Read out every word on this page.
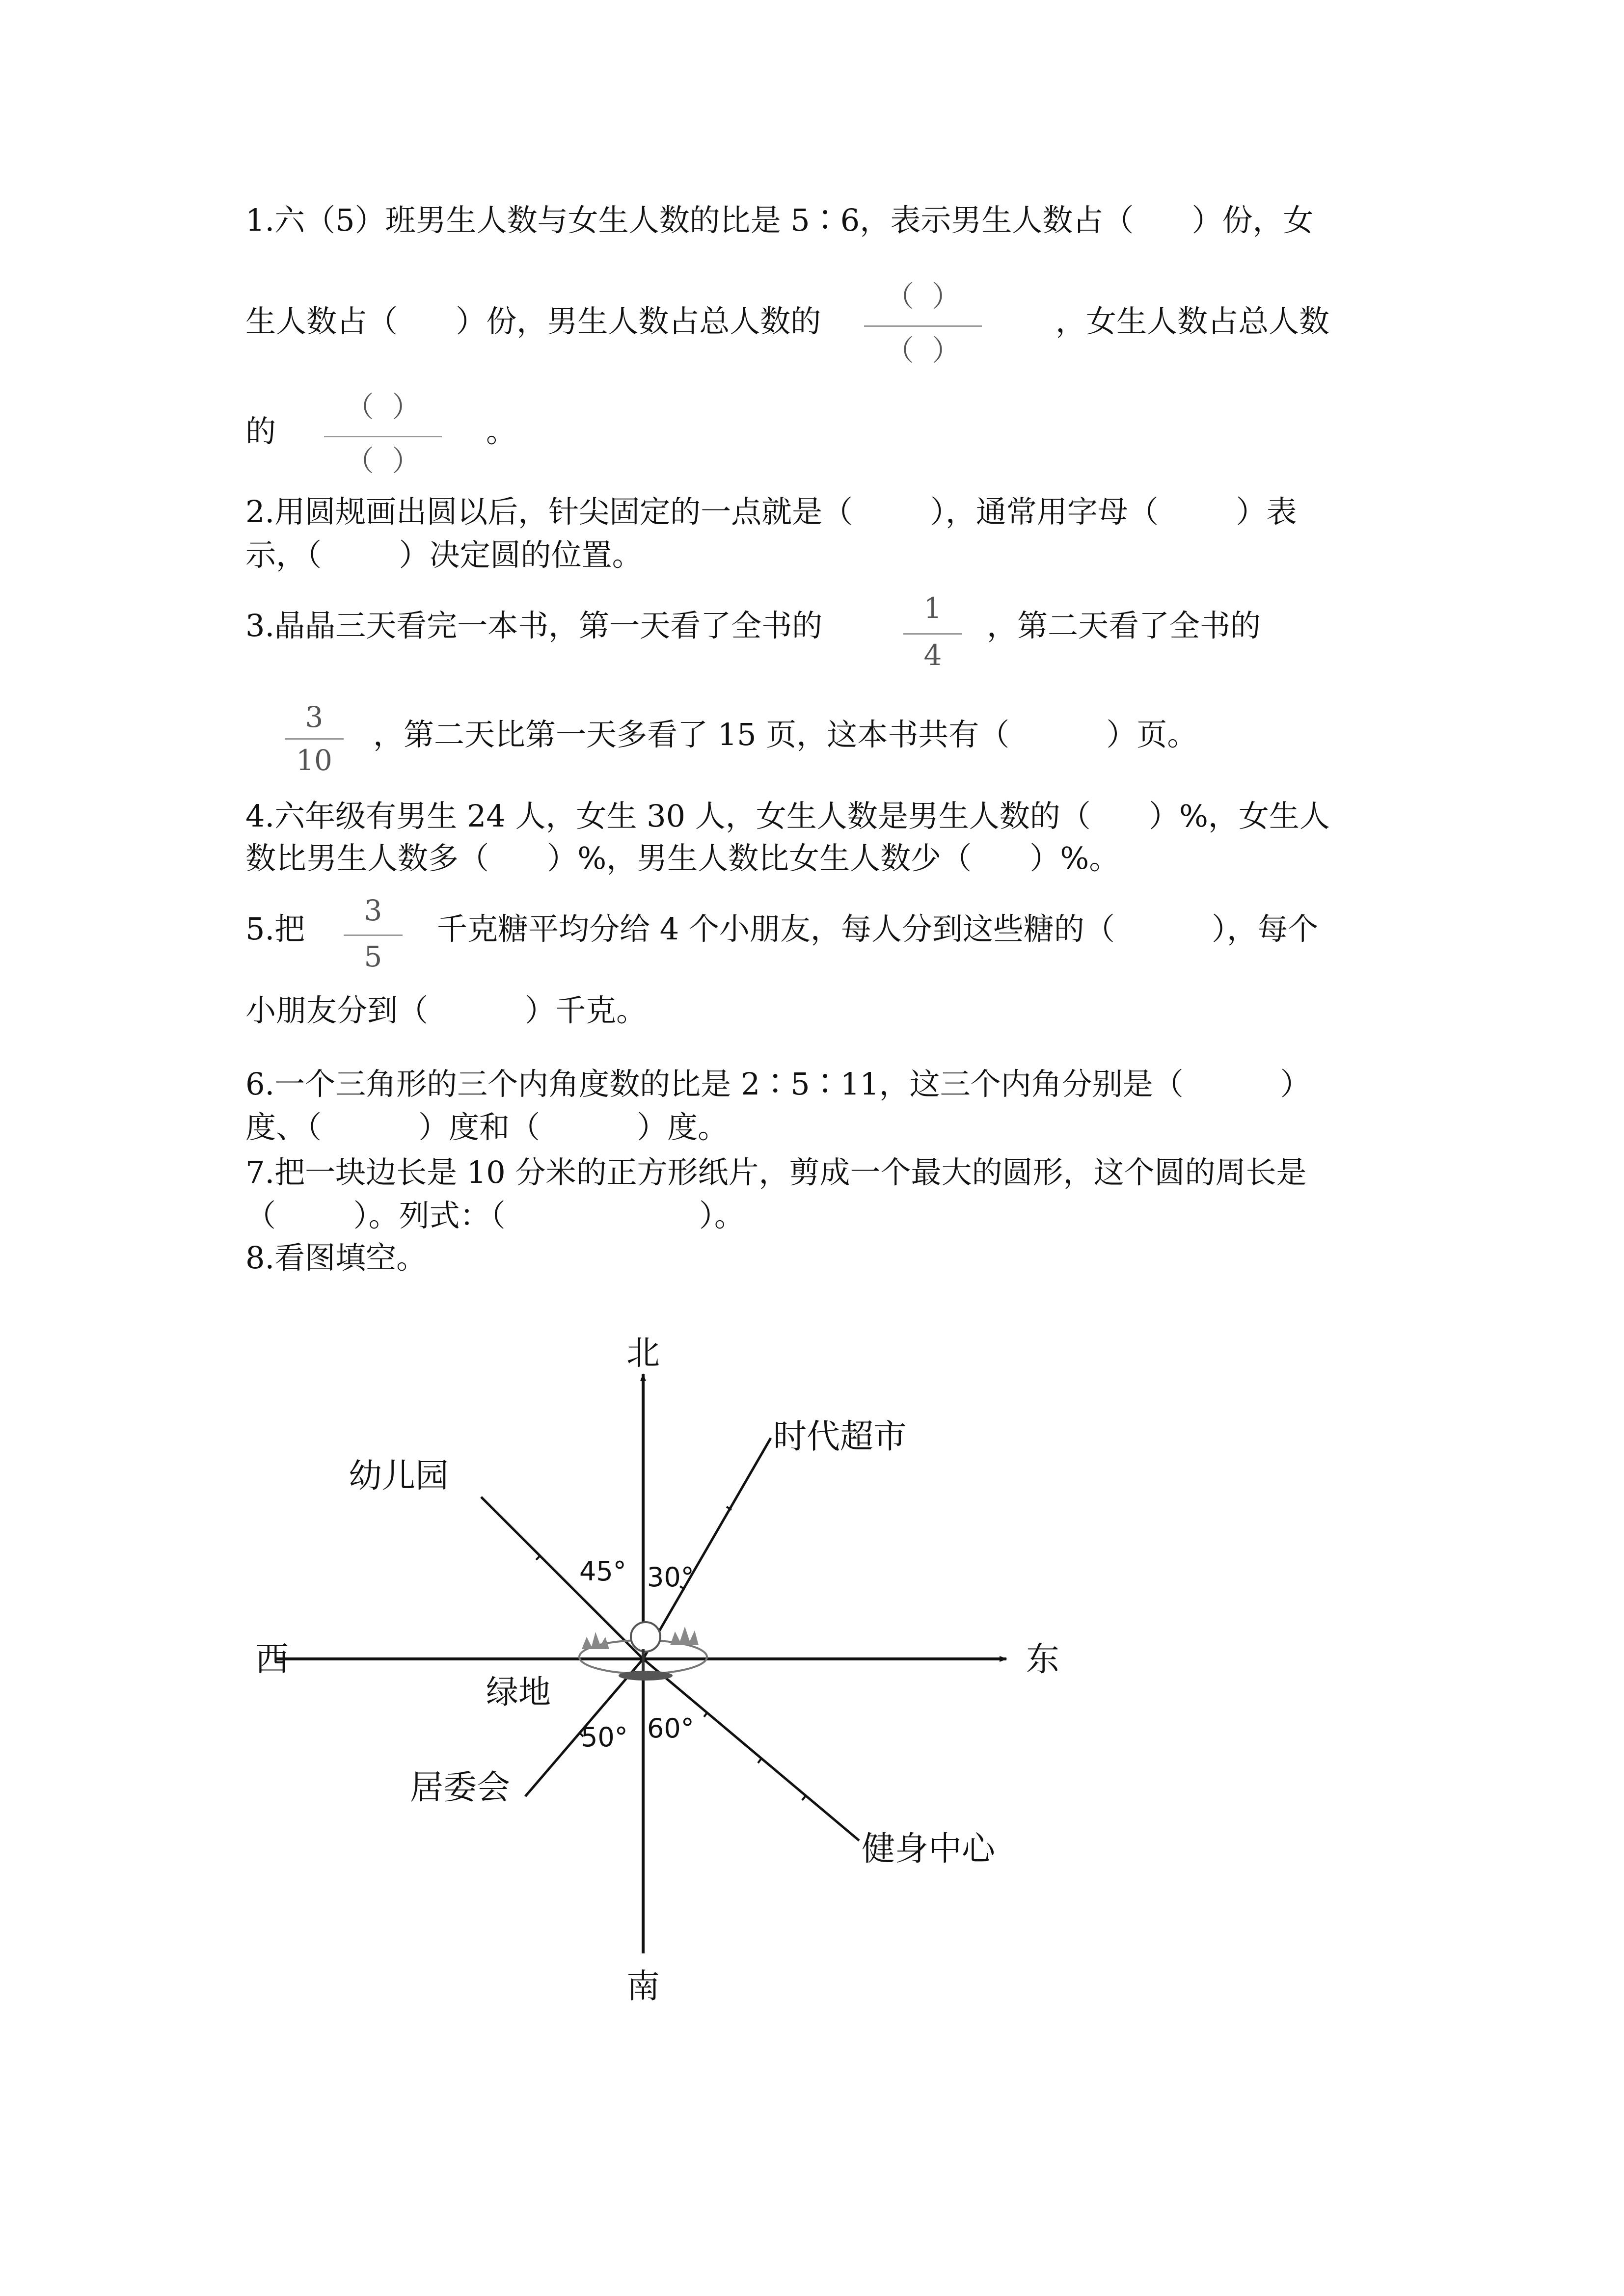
1.六（5）班男生人数与女生人数的比是 5∶6，表示男生人数占（      ）份，女
生人数占（      ）份，男生人数占总人数的
（  ）
（  ）
，女生人数占总人数
的
（  ）
（  ）
。
2.用圆规画出圆以后，针尖固定的一点就是（        ），通常用字母（        ）表
示，（        ）决定圆的位置。
3.晶晶三天看完一本书，第一天看了全书的	1
4
，第二天看了全书的
3
10
，第二天比第一天多看了 15 页，这本书共有（          ）页。
4.六年级有男生 24 人，女生 30 人，女生人数是男生人数的（      ）%，女生人
数比男生人数多（      ）%，男生人数比女生人数少（      ）%。
5.把
3
5
千克糖平均分给 4 个小朋友，每人分到这些糖的（          ），每个
小朋友分到（          ）千克。
6.一个三角形的三个内角度数的比是 2∶5∶11，这三个内角分别是（          ）
度、（          ）度和（          ）度。
7.把一块边长是 10 分米的正方形纸片，剪成一个最大的圆形，这个圆的周长是
（        ）。列式：（                    ）。
8.看图填空。
北
南
东
西
绿地
时代超市
幼儿园
居委会
健身中心
45° 30°
50° 60°
